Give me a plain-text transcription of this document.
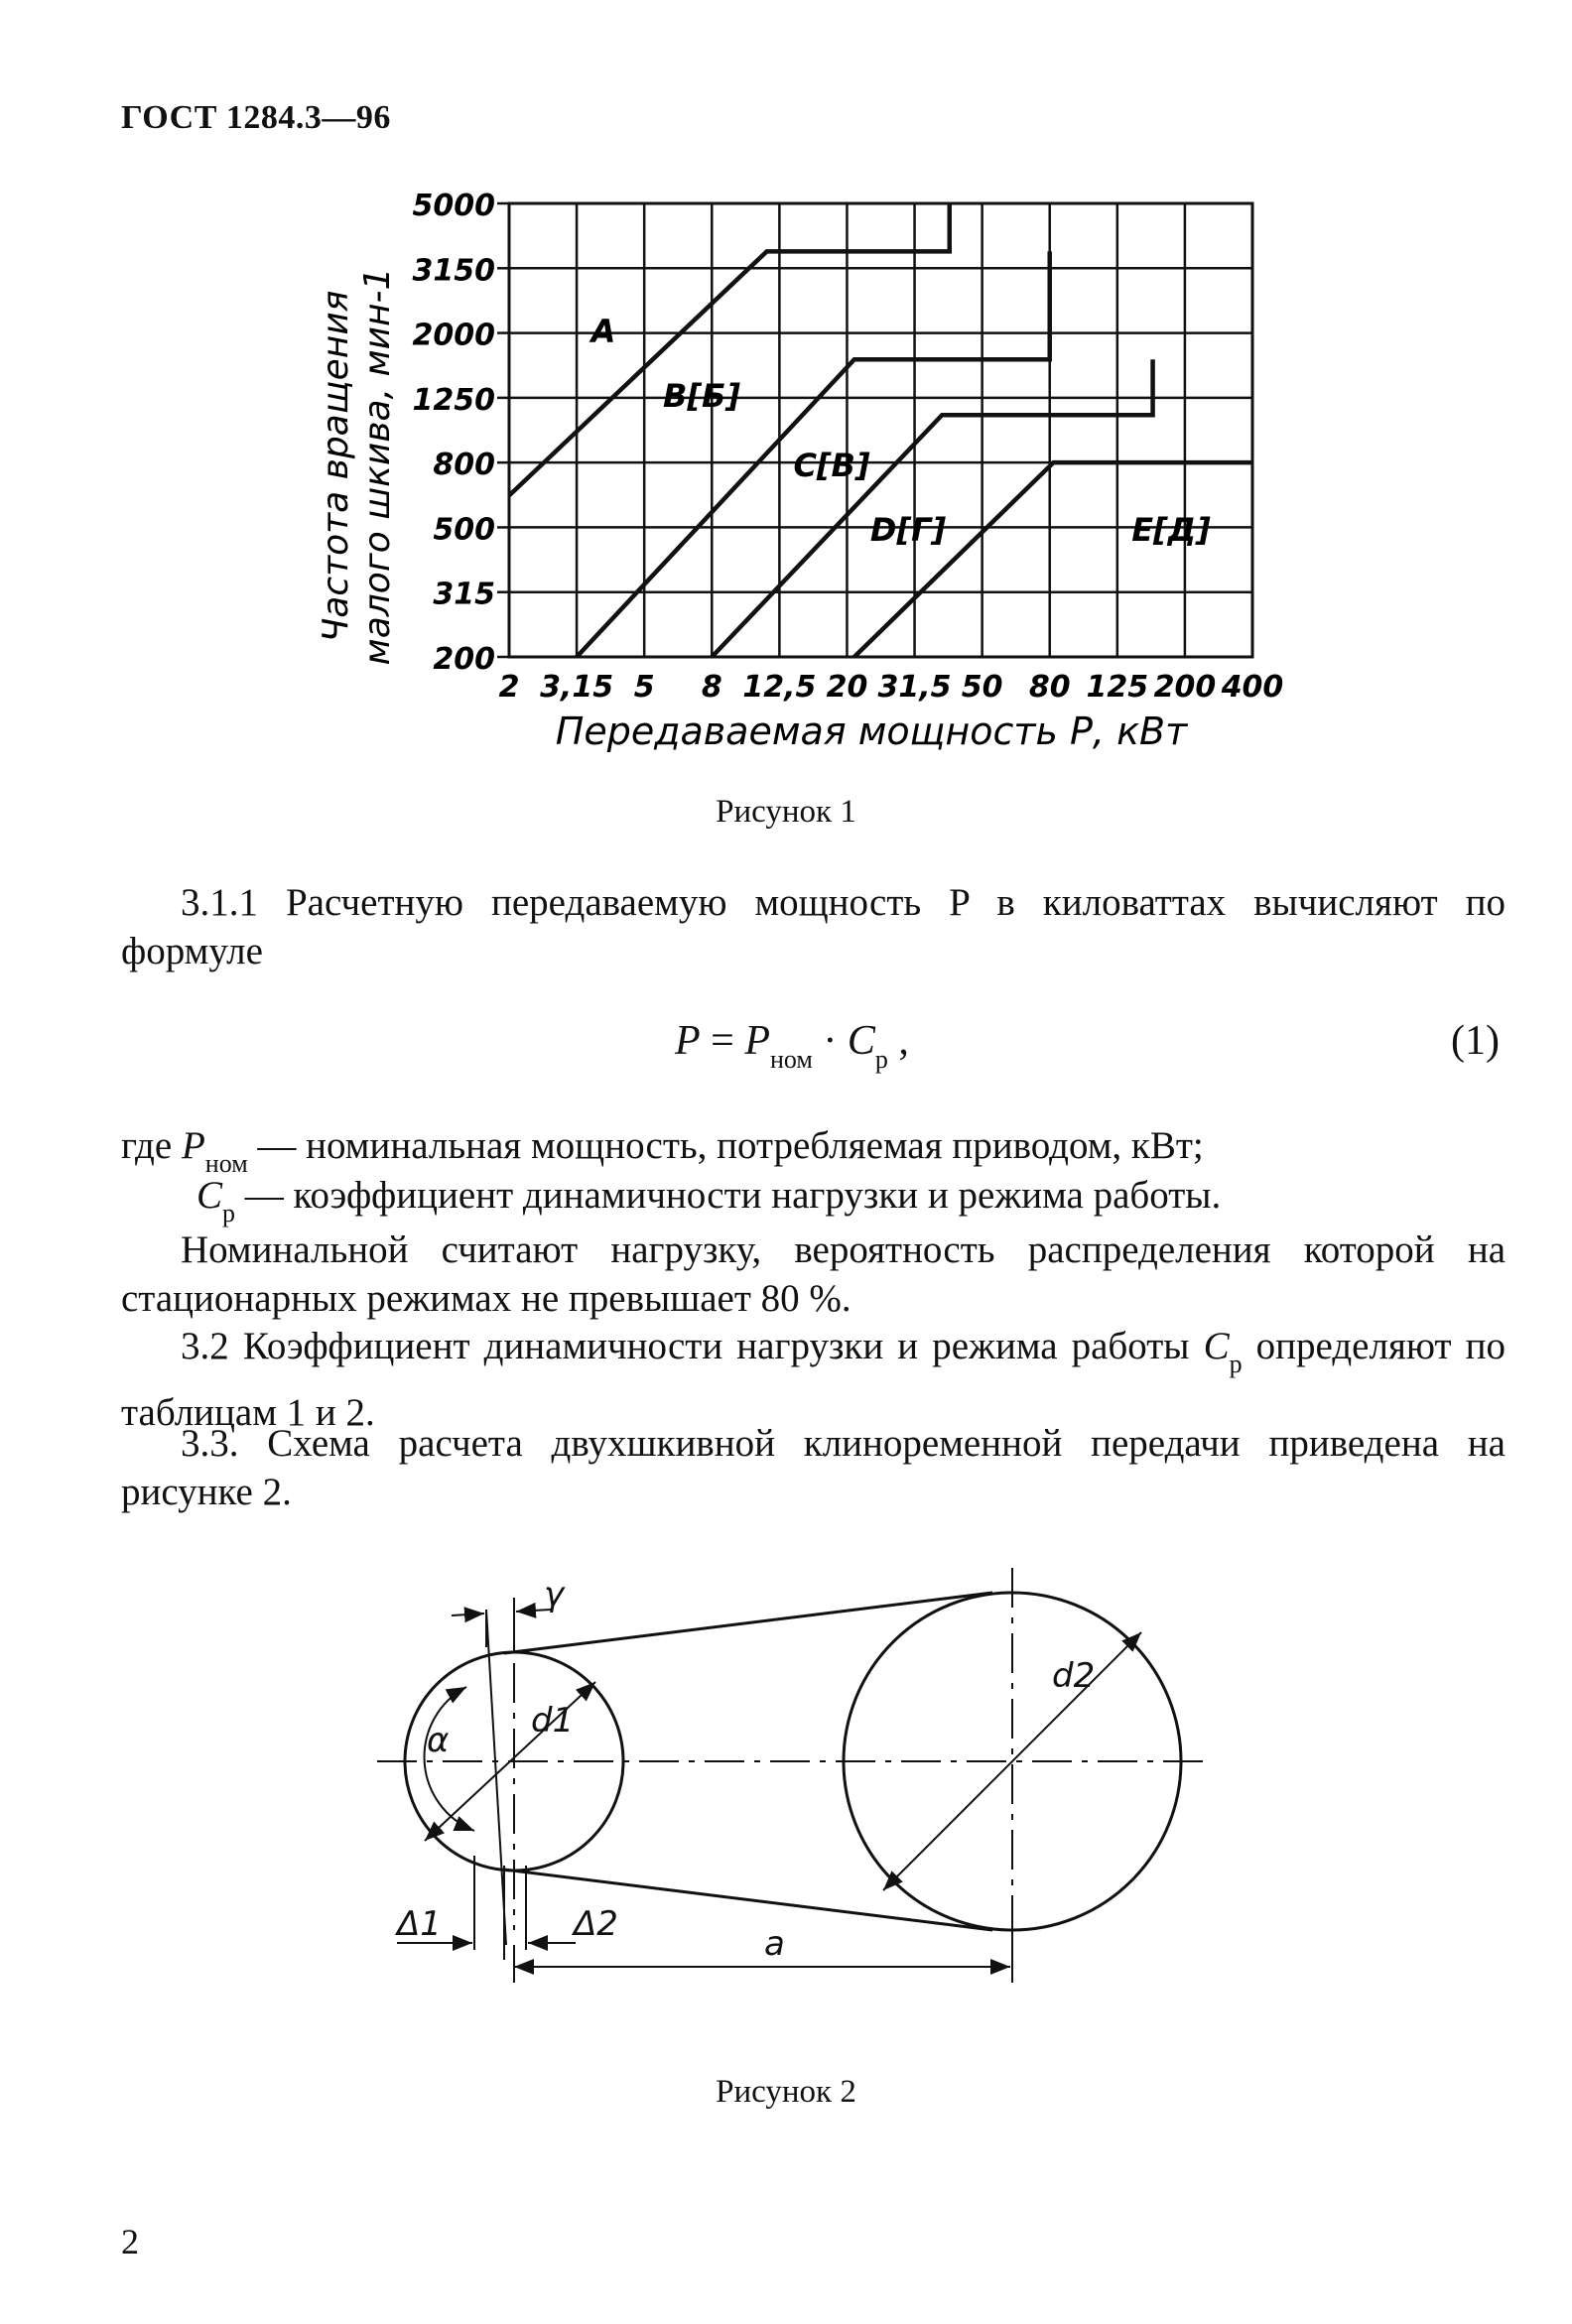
ГОСТ 1284.3—96
200
315
500
800
1250
2000
3150
5000
2 3,15 5 8 12,5 20 31,5 50 80 125 200 400
Частота вращения малого шкива, мин-1
Передаваемая мощность Р, кВт
A
B[Б]
C[В]
D[Г]	E[Д]
Рисунок 1
3.1.1 Расчетную передаваемую мощность P в киловаттах вычисляют по формуле
$P = P_{ном} \cdot C_р$ ,	(1)
где $P_{ном}$ — номинальная мощность, потребляемая приводом, кВт;
$C_р$ — коэффициент динамичности нагрузки и режима работы.
Номинальной считают нагрузку, вероятность распределения которой на стационарных режимах не превышает 80 %.
3.2 Коэффициент динамичности нагрузки и режима работы $C_р$ определяют по таблицам 1 и 2.
3.3. Схема расчета двухшкивной клиноременной передачи приведена на рисунке 2.
γ
α d1
d2
Δ1	Δ2	a
Рисунок 2
2
